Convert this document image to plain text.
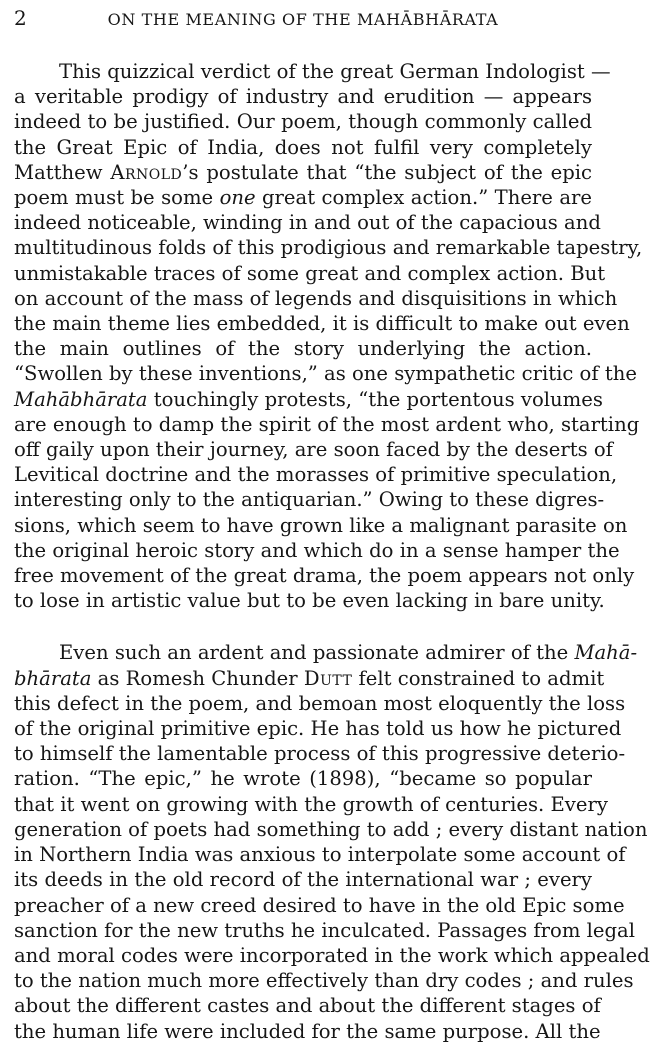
2	ON THE MEANING OF THE MAHĀBHĀRATA

This quizzical verdict of the great German Indologist —
a veritable prodigy of industry and erudition — appears
indeed to be justified. Our poem, though commonly called
the Great Epic of India, does not fulfil very completely
Matthew Arnold’s postulate that “the subject of the epic
poem must be some one great complex action.” There are
indeed noticeable, winding in and out of the capacious and
multitudinous folds of this prodigious and remarkable tapestry,
unmistakable traces of some great and complex action. But
on account of the mass of legends and disquisitions in which
the main theme lies embedded, it is difficult to make out even
the main outlines of the story underlying the action.
“Swollen by these inventions,” as one sympathetic critic of the
Mahābhārata touchingly protests, “the portentous volumes
are enough to damp the spirit of the most ardent who, starting
off gaily upon their journey, are soon faced by the deserts of
Levitical doctrine and the morasses of primitive speculation,
interesting only to the antiquarian.” Owing to these digres-
sions, which seem to have grown like a malignant parasite on
the original heroic story and which do in a sense hamper the
free movement of the great drama, the poem appears not only
to lose in artistic value but to be even lacking in bare unity.

Even such an ardent and passionate admirer of the Mahā-
bhārata as Romesh Chunder Dutt felt constrained to admit
this defect in the poem, and bemoan most eloquently the loss
of the original primitive epic. He has told us how he pictured
to himself the lamentable process of this progressive deterio-
ration. “The epic,” he wrote (1898), “became so popular
that it went on growing with the growth of centuries. Every
generation of poets had something to add ; every distant nation
in Northern India was anxious to interpolate some account of
its deeds in the old record of the international war ; every
preacher of a new creed desired to have in the old Epic some
sanction for the new truths he inculcated. Passages from legal
and moral codes were incorporated in the work which appealed
to the nation much more effectively than dry codes ; and rules
about the different castes and about the different stages of
the human life were included for the same purpose. All the
